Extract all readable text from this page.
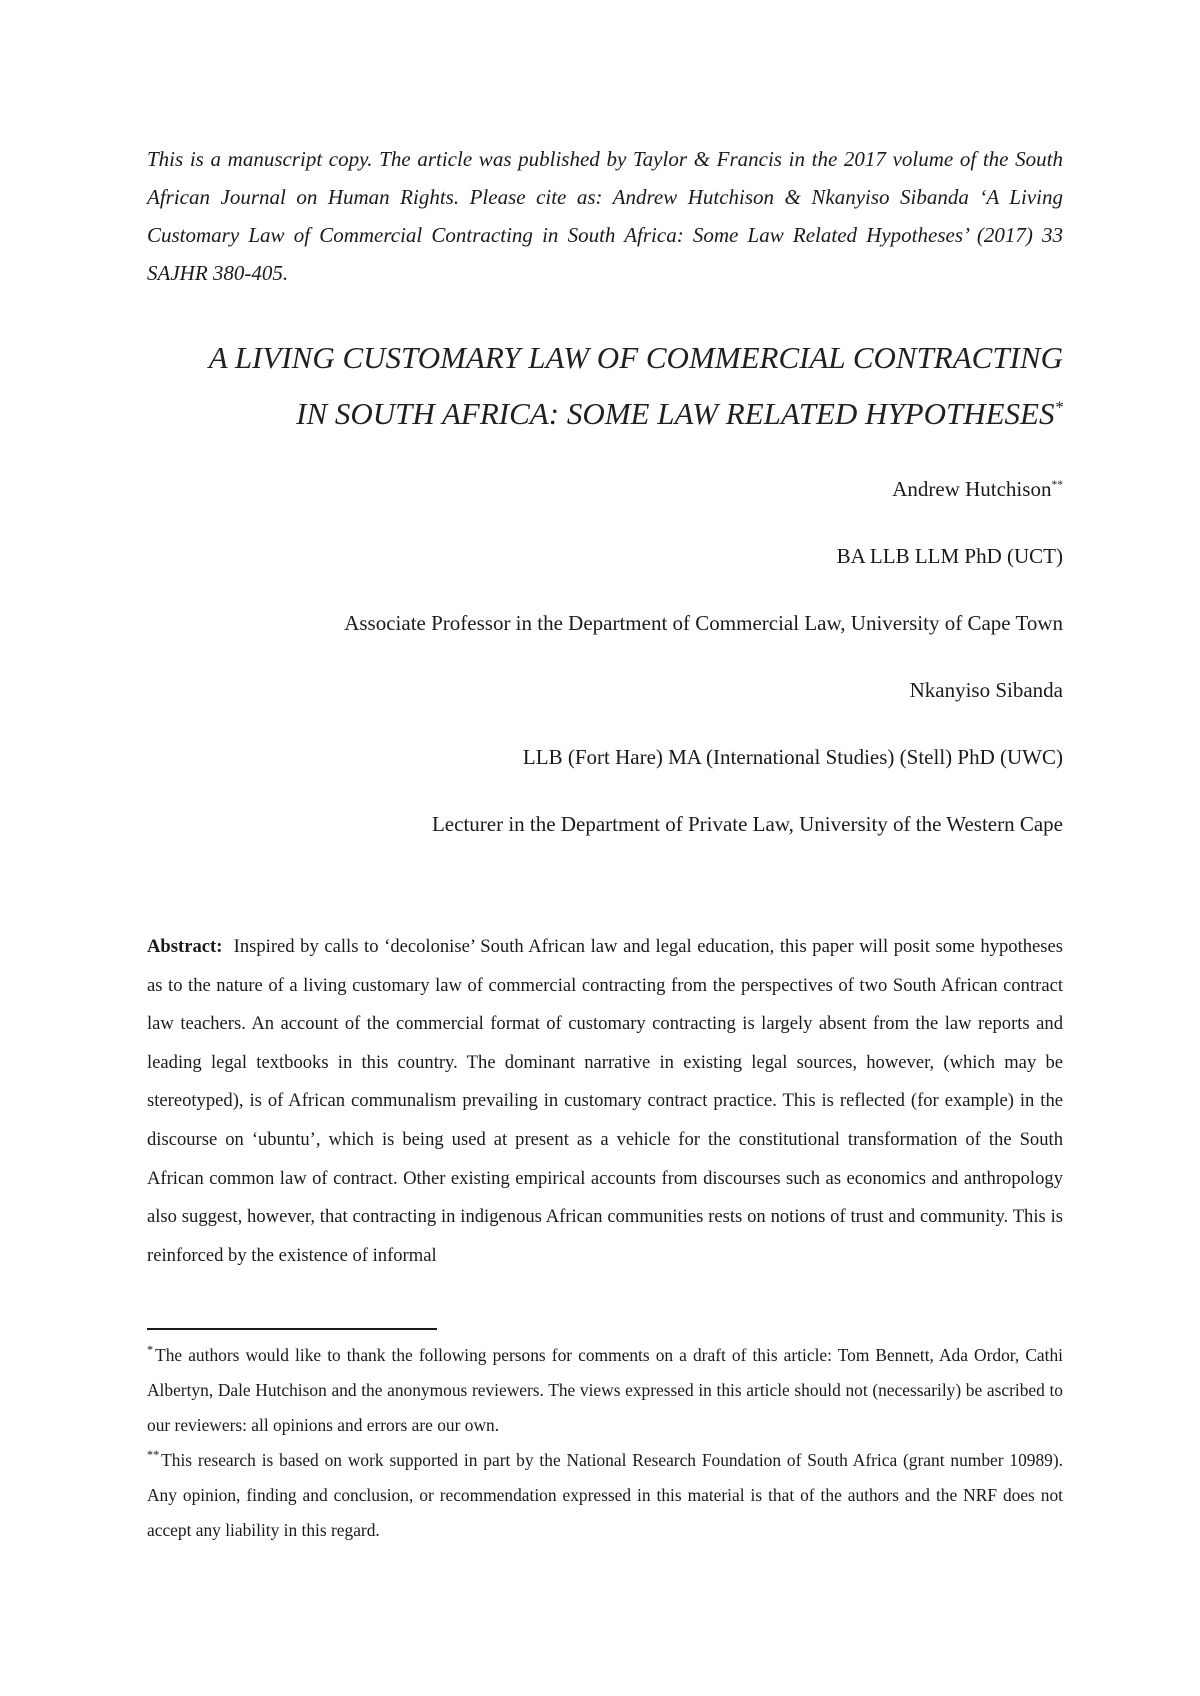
This is a manuscript copy. The article was published by Taylor & Francis in the 2017 volume of the South African Journal on Human Rights. Please cite as: Andrew Hutchison & Nkanyiso Sibanda ‘A Living Customary Law of Commercial Contracting in South Africa: Some Law Related Hypotheses’ (2017) 33 SAJHR 380-405.

A LIVING CUSTOMARY LAW OF COMMERCIAL CONTRACTING
IN SOUTH AFRICA: SOME LAW RELATED HYPOTHESES*

Andrew Hutchison**

BA LLB LLM PhD (UCT)

Associate Professor in the Department of Commercial Law, University of Cape Town

Nkanyiso Sibanda

LLB (Fort Hare) MA (International Studies) (Stell) PhD (UWC)

Lecturer in the Department of Private Law, University of the Western Cape

Abstract: Inspired by calls to ‘decolonise’ South African law and legal education, this paper will posit some hypotheses as to the nature of a living customary law of commercial contracting from the perspectives of two South African contract law teachers. An account of the commercial format of customary contracting is largely absent from the law reports and leading legal textbooks in this country. The dominant narrative in existing legal sources, however, (which may be stereotyped), is of African communalism prevailing in customary contract practice. This is reflected (for example) in the discourse on ‘ubuntu’, which is being used at present as a vehicle for the constitutional transformation of the South African common law of contract. Other existing empirical accounts from discourses such as economics and anthropology also suggest, however, that contracting in indigenous African communities rests on notions of trust and community. This is reinforced by the existence of informal

* The authors would like to thank the following persons for comments on a draft of this article: Tom Bennett, Ada Ordor, Cathi Albertyn, Dale Hutchison and the anonymous reviewers. The views expressed in this article should not (necessarily) be ascribed to our reviewers: all opinions and errors are our own.

** This research is based on work supported in part by the National Research Foundation of South Africa (grant number 10989). Any opinion, finding and conclusion, or recommendation expressed in this material is that of the authors and the NRF does not accept any liability in this regard.
